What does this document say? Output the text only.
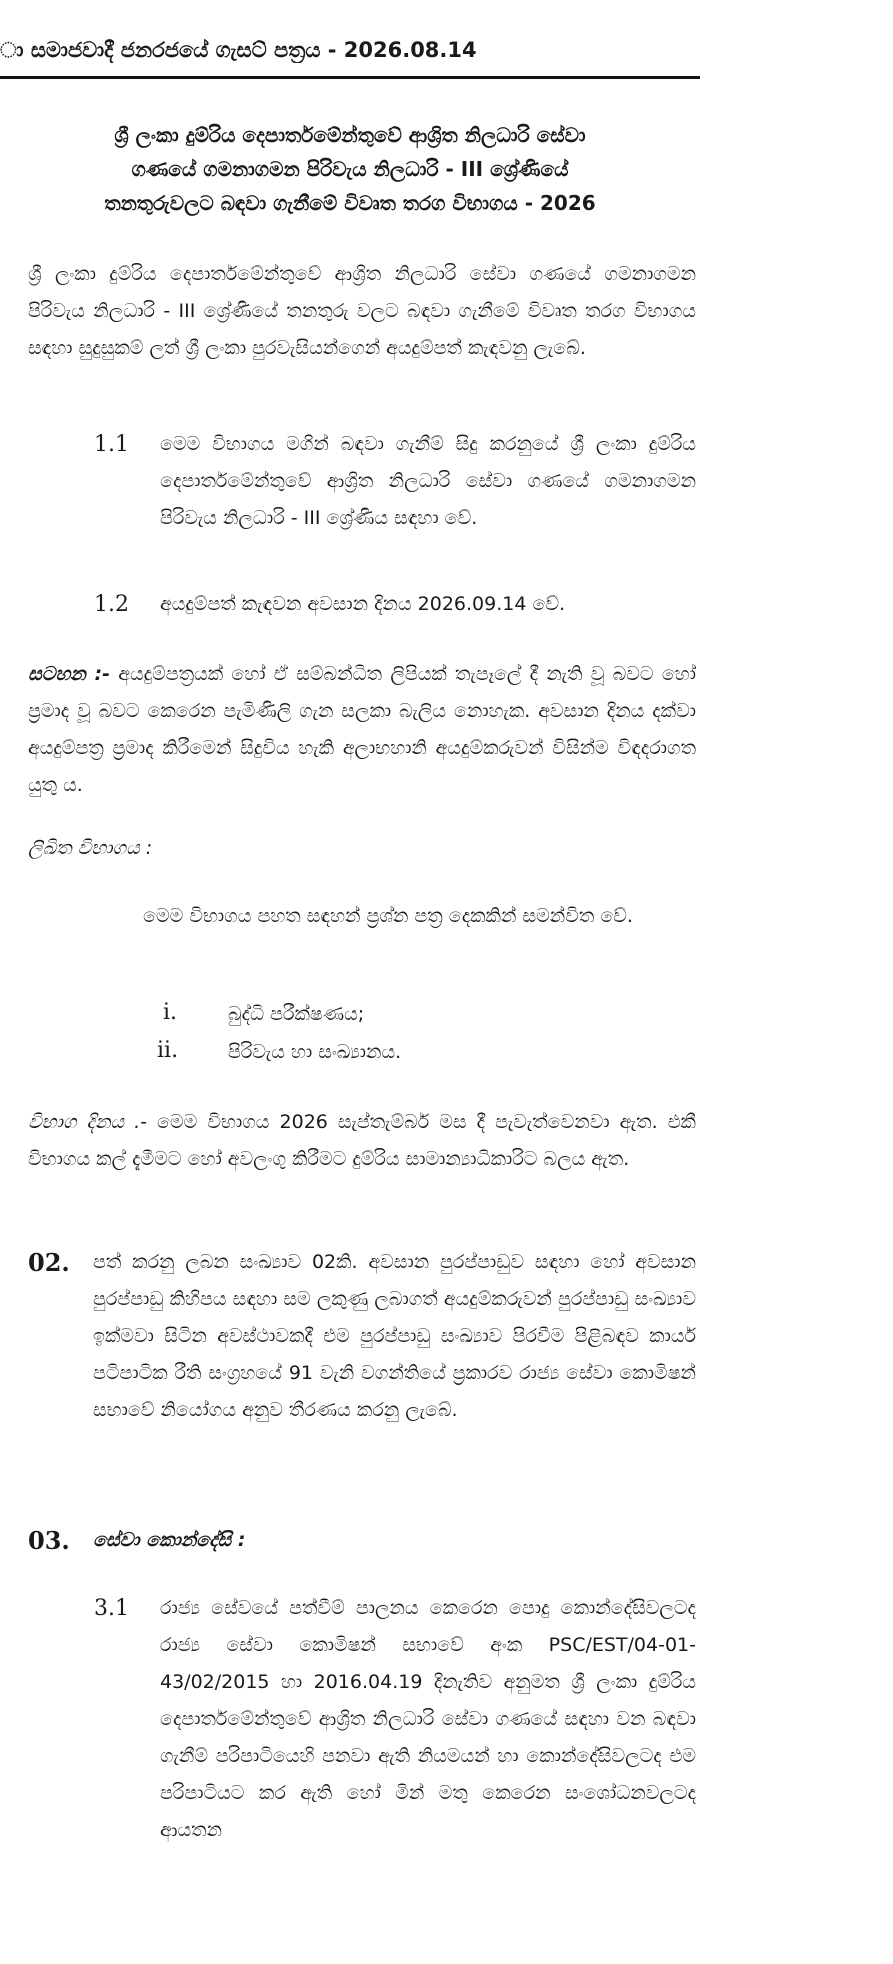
ා සමාජවාදී ජනරජයේ ගැසට් පත්‍රය - 2026.08.14
ශ්‍රී ලංකා දුම්රිය දෙපාර්තමේන්තුවේ ආශ්‍රිත නිලධාරි සේවා
ගණයේ ගමනාගමන පිරිවැය නිලධාරි - III ශ්‍රේණියේ
තනතුරුවලට බඳවා ගැනීමේ විවෘත තරග විභාගය - 2026
ශ්‍රී ලංකා දුම්රිය දෙපාර්තමේන්තුවේ ආශ්‍රිත නිලධාරි සේවා ගණයේ ගමනාගමන පිරිවැය නිලධාරි - III ශ්‍රේණියේ තනතුරු වලට බඳවා ගැනීමේ විවෘත තරග විභාගය සඳහා සුදුසුකම් ලත් ශ්‍රී ලංකා පුරවැසියන්ගෙන් අයදුම්පත් කැඳවනු ලැබේ.
1.1 මෙම විභාගය මගින් බඳවා ගැනීම් සිදු කරනුයේ ශ්‍රී ලංකා දුම්රිය දෙපාර්තමේන්තුවේ ආශ්‍රිත නිලධාරි සේවා ගණයේ ගමනාගමන පිරිවැය නිලධාරි - III ශ්‍රේණිය සඳහා වේ.
1.2 අයදුම්පත් කැඳවන අවසාන දිනය 2026.09.14 වේ.
සටහන :- අයදුම්පත්‍රයක් හෝ ඒ සම්බන්ධිත ලිපියක් තැපෑලේ දී නැති වූ බවට හෝ ප්‍රමාද වූ බවට කෙරෙන පැමිණිලි ගැන සලකා බැලිය නොහැක. අවසාන දිනය දක්වා අයදුම්පත්‍ර ප්‍රමාද කිරීමෙන් සිදුවිය හැකි අලාභහානි අයදුම්කරුවන් විසින්ම විඳදරාගත යුතු ය.
ලිඛිත විභාගය :
මෙම විභාගය පහත සඳහන් ප්‍රශ්න පත්‍ර දෙකකින් සමන්විත වේ.
i.	බුද්ධි පරීක්ෂණය;
ii.	පිරිවැය හා සංඛ්‍යානය.
විභාග දිනය .- මෙම විභාගය 2026 සැප්තැම්බර් මස දී පැවැත්වෙනවා ඇත. එකී විභාගය කල් දැමීමට හෝ අවලංගු කිරීමට දුම්රිය සාමාන්‍යාධිකාරිට බලය ඇත.
02. පත් කරනු ලබන සංඛ්‍යාව 02කි. අවසාන පුරප්පාඩුව සඳහා හෝ අවසාන පුරප්පාඩු කිහිපය සඳහා සම ලකුණු ලබාගත් අයදුම්කරුවන් පුරප්පාඩු සංඛ්‍යාව ඉක්මවා සිටින අවස්ථාවකදී එම පුරප්පාඩු සංඛ්‍යාව පිරවීම පිළිබඳව කාර්ය පටිපාටික රීති සංග්‍රහයේ 91 වැනි වගන්තියේ ප්‍රකාරව රාජ්‍ය සේවා කොමිෂන් සභාවේ නියෝගය අනුව තීරණය කරනු ලැබේ.
03. සේවා කොන්දේසි :
3.1 රාජ්‍ය සේවයේ පත්වීම් පාලනය කෙරෙන පොදු කොන්දේසිවලටද රාජ්‍ය සේවා කොමිෂන් සභාවේ අංක PSC/EST/04-01-43/02/2015 හා 2016.04.19 දිනැතිව අනුමත ශ්‍රී ලංකා දුම්රිය දෙපාර්තමේන්තුවේ ආශ්‍රිත නිලධාරි සේවා ගණයේ සඳහා වන බඳවා ගැනීම් පරිපාටියෙහි පනවා ඇති නියමයන් හා කොන්දේසිවලටද එම පරිපාටියට කර ඇති හෝ මින් මතු කෙරෙන සංශෝධනවලටද ආයතන
